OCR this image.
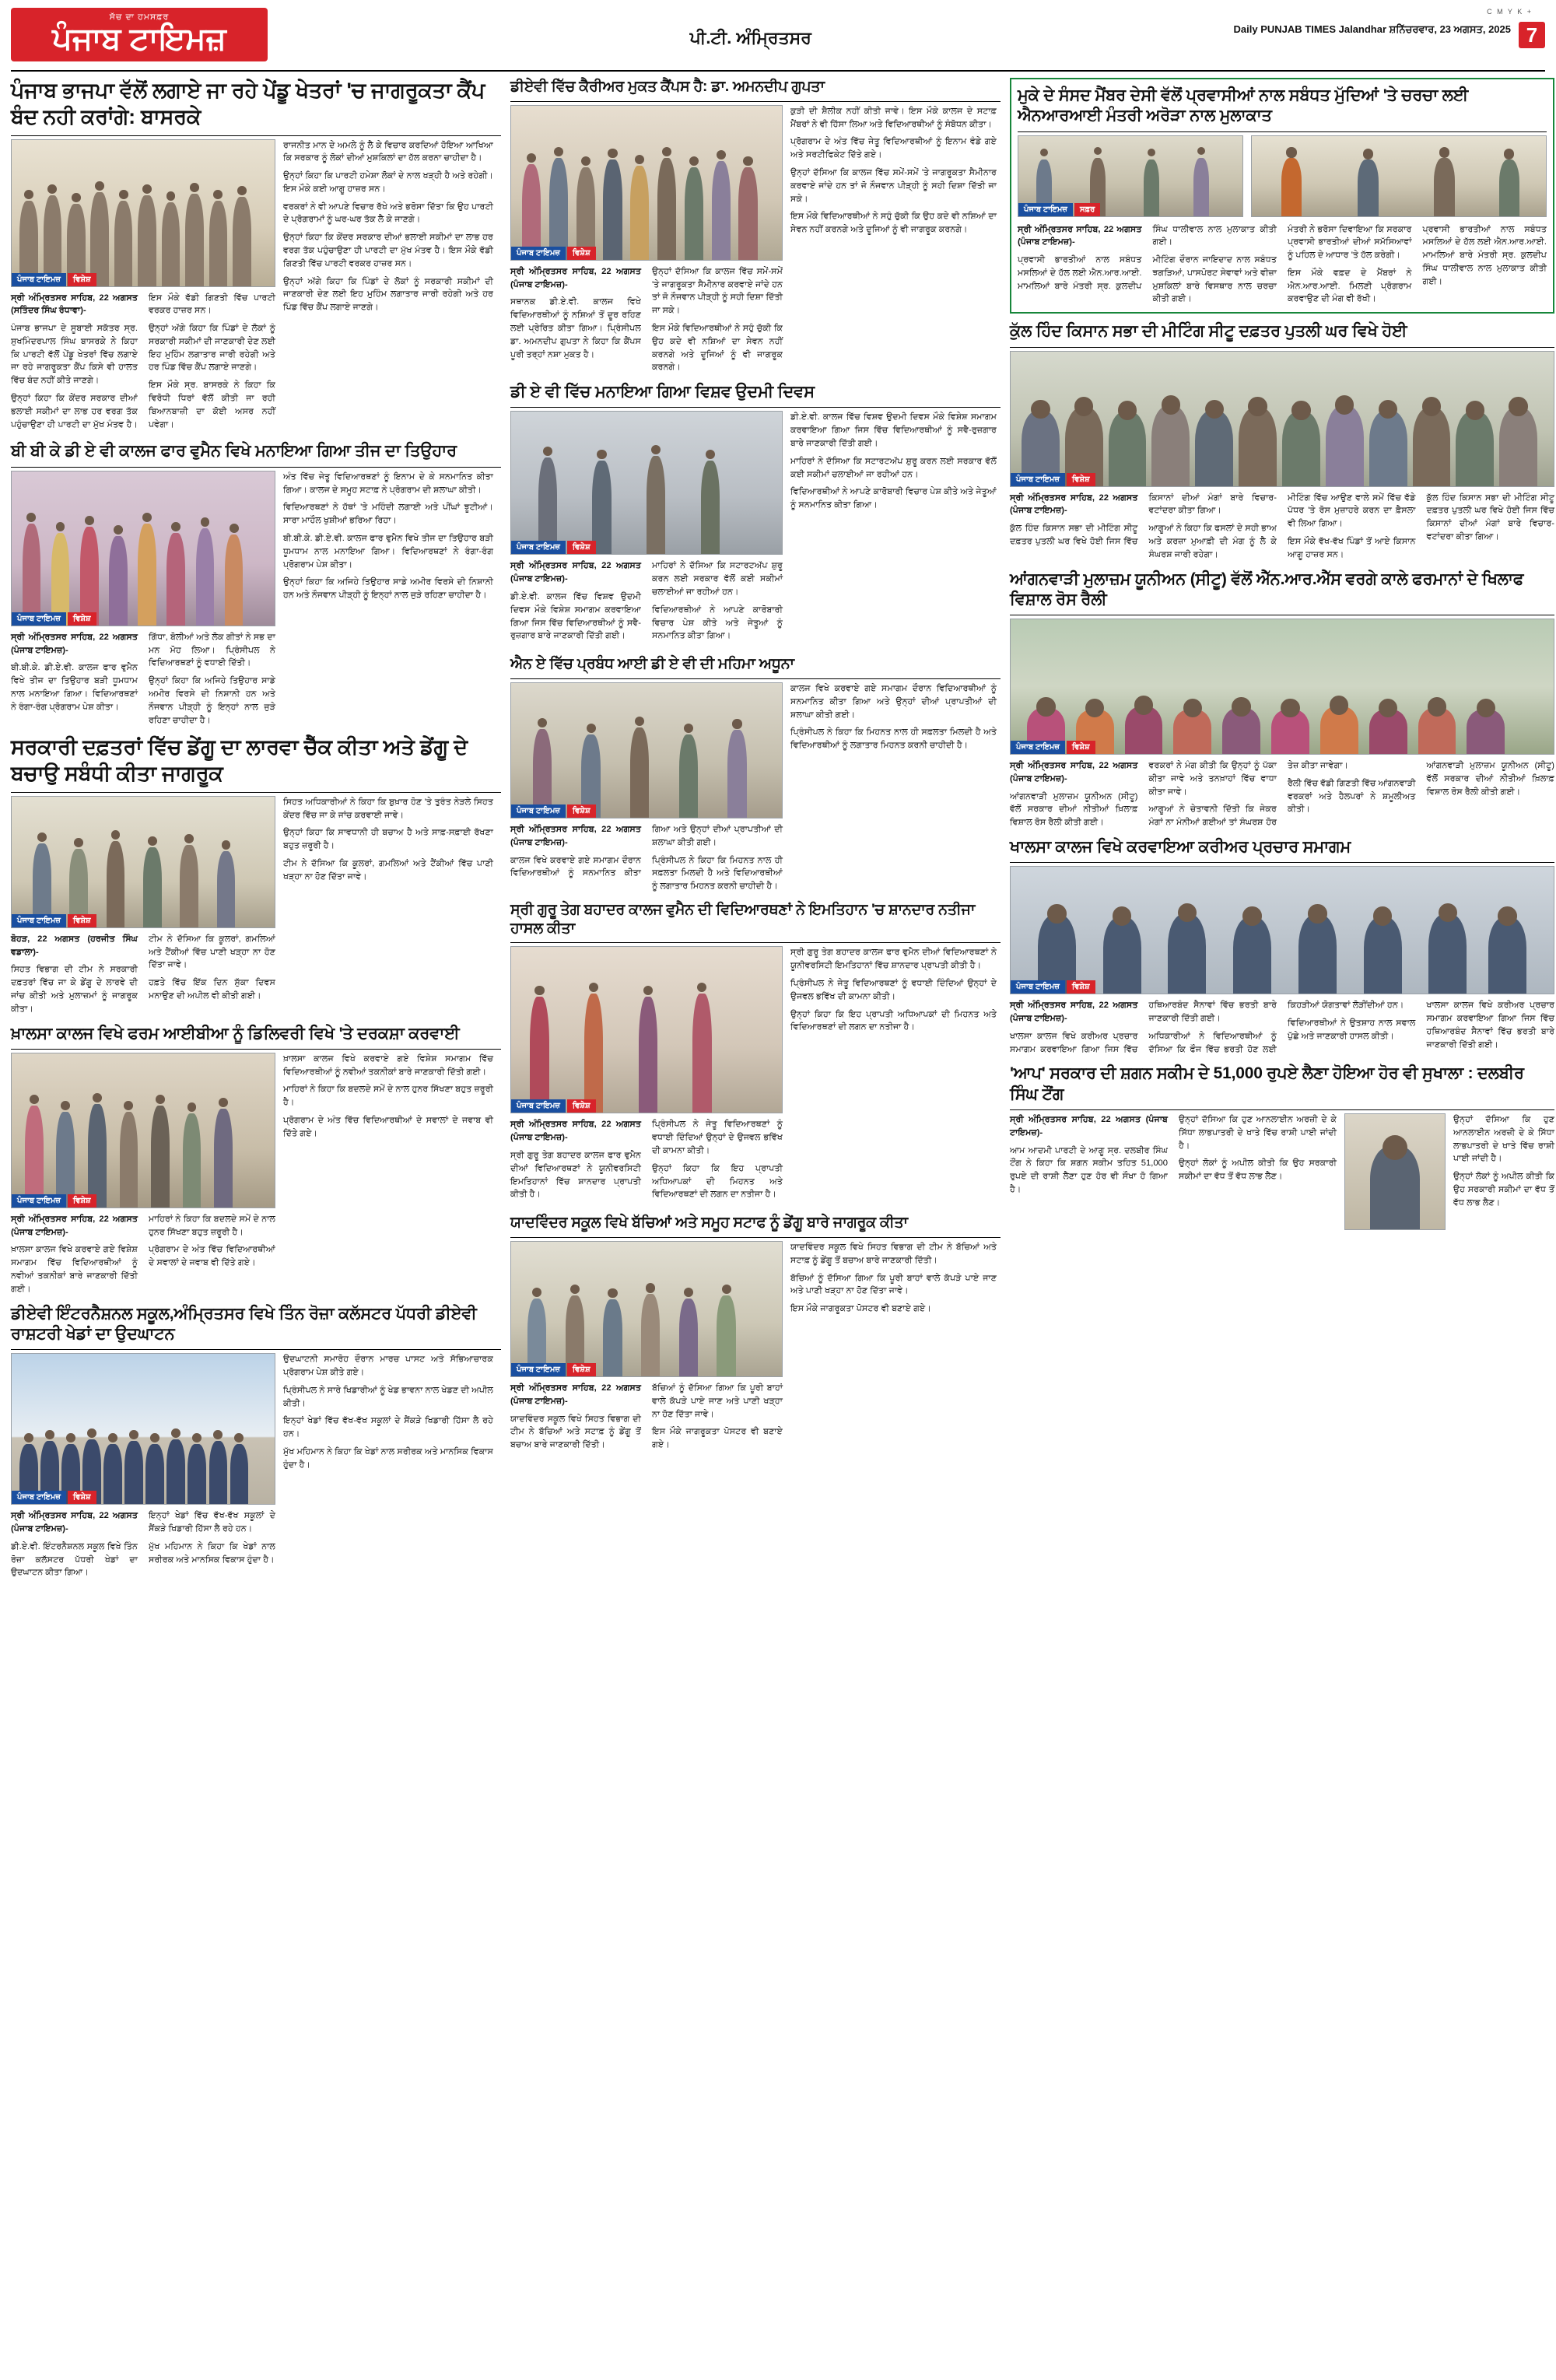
C M Y K +
ਸੱਚ ਦਾ ਹਮਸਫ਼ਰ
ਪੰਜਾਬ ਟਾਇਮਜ਼	ਪੀ.ਟੀ. ਅੰਮ੍ਰਿਤਸਰ	Daily PUNJAB TIMES Jalandhar ਸ਼ਨਿੱਚਰਵਾਰ, 23 ਅਗਸਤ, 2025 7
ਪੰਜਾਬ ਭਾਜਪਾ ਵੱਲੋਂ ਲਗਾਏ ਜਾ ਰਹੇ ਪੇਂਡੂ ਖੇਤਰਾਂ 'ਚ ਜਾਗਰੂਕਤਾ ਕੈਂਪ ਬੰਦ ਨਹੀ ਕਰਾਂਗੇ: ਬਾਸਰਕੇ
ਪੰਜਾਬ ਟਾਇਮਜ਼	ਵਿਸ਼ੇਸ਼

ਸ੍ਰੀ ਅੰਮ੍ਰਿਤਸਰ ਸਾਹਿਬ, 22 ਅਗਸਤ (ਸਤਿੰਦਰ ਸਿੰਘ ਰੰਧਾਵਾ)-

ਪੰਜਾਬ ਭਾਜਪਾ ਦੇ ਸੂਬਾਈ ਸਕੱਤਰ ਸ੍ਰ. ਸੁਖਮਿੰਦਰਪਾਲ ਸਿੰਘ ਬਾਸਰਕੇ ਨੇ ਕਿਹਾ ਕਿ ਪਾਰਟੀ ਵੱਲੋਂ ਪੇਂਡੂ ਖੇਤਰਾਂ ਵਿੱਚ ਲਗਾਏ ਜਾ ਰਹੇ ਜਾਗਰੂਕਤਾ ਕੈਂਪ ਕਿਸੇ ਵੀ ਹਾਲਤ ਵਿੱਚ ਬੰਦ ਨਹੀਂ ਕੀਤੇ ਜਾਣਗੇ।

ਉਨ੍ਹਾਂ ਕਿਹਾ ਕਿ ਕੇਂਦਰ ਸਰਕਾਰ ਦੀਆਂ ਭਲਾਈ ਸਕੀਮਾਂ ਦਾ ਲਾਭ ਹਰ ਵਰਗ ਤੱਕ ਪਹੁੰਚਾਉਣਾ ਹੀ ਪਾਰਟੀ ਦਾ ਮੁੱਖ ਮੰਤਵ ਹੈ। ਇਸ ਮੌਕੇ ਵੱਡੀ ਗਿਣਤੀ ਵਿੱਚ ਪਾਰਟੀ ਵਰਕਰ ਹਾਜ਼ਰ ਸਨ।

ਉਨ੍ਹਾਂ ਅੱਗੇ ਕਿਹਾ ਕਿ ਪਿੰਡਾਂ ਦੇ ਲੋਕਾਂ ਨੂੰ ਸਰਕਾਰੀ ਸਕੀਮਾਂ ਦੀ ਜਾਣਕਾਰੀ ਦੇਣ ਲਈ ਇਹ ਮੁਹਿੰਮ ਲਗਾਤਾਰ ਜਾਰੀ ਰਹੇਗੀ ਅਤੇ ਹਰ ਪਿੰਡ ਵਿੱਚ ਕੈਂਪ ਲਗਾਏ ਜਾਣਗੇ।

ਇਸ ਮੌਕੇ ਸ੍ਰ. ਬਾਸਰਕੇ ਨੇ ਕਿਹਾ ਕਿ ਵਿਰੋਧੀ ਧਿਰਾਂ ਵੱਲੋਂ ਕੀਤੀ ਜਾ ਰਹੀ ਬਿਆਨਬਾਜ਼ੀ ਦਾ ਕੋਈ ਅਸਰ ਨਹੀਂ ਪਵੇਗਾ।

ਰਾਜਨੀਤ ਮਾਨ ਦੇ ਅਮਲੇ ਨੂੰ ਲੈ ਕੇ ਵਿਚਾਰ ਕਰਦਿਆਂ ਹੋਇਆ ਆਖਿਆ ਕਿ ਸਰਕਾਰ ਨੂੰ ਲੋਕਾਂ ਦੀਆਂ ਮੁਸ਼ਕਿਲਾਂ ਦਾ ਹੱਲ ਕਰਨਾ ਚਾਹੀਦਾ ਹੈ।

ਉਨ੍ਹਾਂ ਕਿਹਾ ਕਿ ਪਾਰਟੀ ਹਮੇਸ਼ਾ ਲੋਕਾਂ ਦੇ ਨਾਲ ਖੜ੍ਹੀ ਹੈ ਅਤੇ ਰਹੇਗੀ। ਇਸ ਮੌਕੇ ਕਈ ਆਗੂ ਹਾਜ਼ਰ ਸਨ।

ਵਰਕਰਾਂ ਨੇ ਵੀ ਆਪਣੇ ਵਿਚਾਰ ਰੱਖੇ ਅਤੇ ਭਰੋਸਾ ਦਿੱਤਾ ਕਿ ਉਹ ਪਾਰਟੀ ਦੇ ਪ੍ਰੋਗਰਾਮਾਂ ਨੂੰ ਘਰ-ਘਰ ਤੱਕ ਲੈ ਕੇ ਜਾਣਗੇ।

ਉਨ੍ਹਾਂ ਕਿਹਾ ਕਿ ਕੇਂਦਰ ਸਰਕਾਰ ਦੀਆਂ ਭਲਾਈ ਸਕੀਮਾਂ ਦਾ ਲਾਭ ਹਰ ਵਰਗ ਤੱਕ ਪਹੁੰਚਾਉਣਾ ਹੀ ਪਾਰਟੀ ਦਾ ਮੁੱਖ ਮੰਤਵ ਹੈ। ਇਸ ਮੌਕੇ ਵੱਡੀ ਗਿਣਤੀ ਵਿੱਚ ਪਾਰਟੀ ਵਰਕਰ ਹਾਜ਼ਰ ਸਨ।

ਉਨ੍ਹਾਂ ਅੱਗੇ ਕਿਹਾ ਕਿ ਪਿੰਡਾਂ ਦੇ ਲੋਕਾਂ ਨੂੰ ਸਰਕਾਰੀ ਸਕੀਮਾਂ ਦੀ ਜਾਣਕਾਰੀ ਦੇਣ ਲਈ ਇਹ ਮੁਹਿੰਮ ਲਗਾਤਾਰ ਜਾਰੀ ਰਹੇਗੀ ਅਤੇ ਹਰ ਪਿੰਡ ਵਿੱਚ ਕੈਂਪ ਲਗਾਏ ਜਾਣਗੇ।

ਬੀ ਬੀ ਕੇ ਡੀ ਏ ਵੀ ਕਾਲਜ ਫਾਰ ਵੁਮੈਨ ਵਿਖੇ ਮਨਾਇਆ ਗਿਆ ਤੀਜ ਦਾ ਤਿਉਹਾਰ
ਪੰਜਾਬ ਟਾਇਮਜ਼	ਵਿਸ਼ੇਸ਼

ਸ੍ਰੀ ਅੰਮ੍ਰਿਤਸਰ ਸਾਹਿਬ, 22 ਅਗਸਤ (ਪੰਜਾਬ ਟਾਇਮਜ਼)-

ਬੀ.ਬੀ.ਕੇ. ਡੀ.ਏ.ਵੀ. ਕਾਲਜ ਫਾਰ ਵੁਮੈਨ ਵਿਖੇ ਤੀਜ ਦਾ ਤਿਉਹਾਰ ਬੜੀ ਧੂਮਧਾਮ ਨਾਲ ਮਨਾਇਆ ਗਿਆ। ਵਿਦਿਆਰਥਣਾਂ ਨੇ ਰੰਗਾ-ਰੰਗ ਪ੍ਰੋਗਰਾਮ ਪੇਸ਼ ਕੀਤਾ।

ਗਿੱਧਾ, ਬੋਲੀਆਂ ਅਤੇ ਲੋਕ ਗੀਤਾਂ ਨੇ ਸਭ ਦਾ ਮਨ ਮੋਹ ਲਿਆ। ਪ੍ਰਿੰਸੀਪਲ ਨੇ ਵਿਦਿਆਰਥਣਾਂ ਨੂੰ ਵਧਾਈ ਦਿੱਤੀ।

ਉਨ੍ਹਾਂ ਕਿਹਾ ਕਿ ਅਜਿਹੇ ਤਿਉਹਾਰ ਸਾਡੇ ਅਮੀਰ ਵਿਰਸੇ ਦੀ ਨਿਸ਼ਾਨੀ ਹਨ ਅਤੇ ਨੌਜਵਾਨ ਪੀੜ੍ਹੀ ਨੂੰ ਇਨ੍ਹਾਂ ਨਾਲ ਜੁੜੇ ਰਹਿਣਾ ਚਾਹੀਦਾ ਹੈ।

ਅੰਤ ਵਿੱਚ ਜੇਤੂ ਵਿਦਿਆਰਥਣਾਂ ਨੂੰ ਇਨਾਮ ਦੇ ਕੇ ਸਨਮਾਨਿਤ ਕੀਤਾ ਗਿਆ। ਕਾਲਜ ਦੇ ਸਮੂਹ ਸਟਾਫ਼ ਨੇ ਪ੍ਰੋਗਰਾਮ ਦੀ ਸ਼ਲਾਘਾ ਕੀਤੀ।

ਵਿਦਿਆਰਥਣਾਂ ਨੇ ਹੱਥਾਂ 'ਤੇ ਮਹਿੰਦੀ ਲਗਾਈ ਅਤੇ ਪੀਂਘਾਂ ਝੂਟੀਆਂ। ਸਾਰਾ ਮਾਹੌਲ ਖੁਸ਼ੀਆਂ ਭਰਿਆ ਰਿਹਾ।

ਬੀ.ਬੀ.ਕੇ. ਡੀ.ਏ.ਵੀ. ਕਾਲਜ ਫਾਰ ਵੁਮੈਨ ਵਿਖੇ ਤੀਜ ਦਾ ਤਿਉਹਾਰ ਬੜੀ ਧੂਮਧਾਮ ਨਾਲ ਮਨਾਇਆ ਗਿਆ। ਵਿਦਿਆਰਥਣਾਂ ਨੇ ਰੰਗਾ-ਰੰਗ ਪ੍ਰੋਗਰਾਮ ਪੇਸ਼ ਕੀਤਾ।

ਉਨ੍ਹਾਂ ਕਿਹਾ ਕਿ ਅਜਿਹੇ ਤਿਉਹਾਰ ਸਾਡੇ ਅਮੀਰ ਵਿਰਸੇ ਦੀ ਨਿਸ਼ਾਨੀ ਹਨ ਅਤੇ ਨੌਜਵਾਨ ਪੀੜ੍ਹੀ ਨੂੰ ਇਨ੍ਹਾਂ ਨਾਲ ਜੁੜੇ ਰਹਿਣਾ ਚਾਹੀਦਾ ਹੈ।

ਸਰਕਾਰੀ ਦਫ਼ਤਰਾਂ ਵਿੱਚ ਡੇਂਗੂ ਦਾ ਲਾਰਵਾ ਚੈੱਕ ਕੀਤਾ ਅਤੇ ਡੇਂਗੂ ਦੇ ਬਚਾਉ ਸਬੰਧੀ ਕੀਤਾ ਜਾਗਰੂਕ
ਪੰਜਾਬ ਟਾਇਮਜ਼	ਵਿਸ਼ੇਸ਼

ਬੋਹੜ, 22 ਅਗਸਤ (ਹਰਜੀਤ ਸਿੰਘ ਵਡਾਲਾ)-

ਸਿਹਤ ਵਿਭਾਗ ਦੀ ਟੀਮ ਨੇ ਸਰਕਾਰੀ ਦਫ਼ਤਰਾਂ ਵਿੱਚ ਜਾ ਕੇ ਡੇਂਗੂ ਦੇ ਲਾਰਵੇ ਦੀ ਜਾਂਚ ਕੀਤੀ ਅਤੇ ਮੁਲਾਜ਼ਮਾਂ ਨੂੰ ਜਾਗਰੂਕ ਕੀਤਾ।

ਟੀਮ ਨੇ ਦੱਸਿਆ ਕਿ ਕੂਲਰਾਂ, ਗਮਲਿਆਂ ਅਤੇ ਟੈਂਕੀਆਂ ਵਿੱਚ ਪਾਣੀ ਖੜ੍ਹਾ ਨਾ ਹੋਣ ਦਿੱਤਾ ਜਾਵੇ।

ਹਫ਼ਤੇ ਵਿੱਚ ਇੱਕ ਦਿਨ ਸੁੱਕਾ ਦਿਵਸ ਮਨਾਉਣ ਦੀ ਅਪੀਲ ਵੀ ਕੀਤੀ ਗਈ।

ਸਿਹਤ ਅਧਿਕਾਰੀਆਂ ਨੇ ਕਿਹਾ ਕਿ ਬੁਖ਼ਾਰ ਹੋਣ 'ਤੇ ਤੁਰੰਤ ਨੇੜਲੇ ਸਿਹਤ ਕੇਂਦਰ ਵਿੱਚ ਜਾ ਕੇ ਜਾਂਚ ਕਰਵਾਈ ਜਾਵੇ।

ਉਨ੍ਹਾਂ ਕਿਹਾ ਕਿ ਸਾਵਧਾਨੀ ਹੀ ਬਚਾਅ ਹੈ ਅਤੇ ਸਾਫ਼-ਸਫ਼ਾਈ ਰੱਖਣਾ ਬਹੁਤ ਜ਼ਰੂਰੀ ਹੈ।

ਟੀਮ ਨੇ ਦੱਸਿਆ ਕਿ ਕੂਲਰਾਂ, ਗਮਲਿਆਂ ਅਤੇ ਟੈਂਕੀਆਂ ਵਿੱਚ ਪਾਣੀ ਖੜ੍ਹਾ ਨਾ ਹੋਣ ਦਿੱਤਾ ਜਾਵੇ।

ਖ਼ਾਲਸਾ ਕਾਲਜ ਵਿਖੇ ਫਰਮ ਆਈਬੀਆ ਨੂੰ ਡਿਲਿਵਰੀ ਵਿਖੇ 'ਤੇ ਦਰਕਸ਼ਾ ਕਰਵਾਈ
ਪੰਜਾਬ ਟਾਇਮਜ਼	ਵਿਸ਼ੇਸ਼

ਸ੍ਰੀ ਅੰਮ੍ਰਿਤਸਰ ਸਾਹਿਬ, 22 ਅਗਸਤ (ਪੰਜਾਬ ਟਾਇਮਜ਼)-

ਖ਼ਾਲਸਾ ਕਾਲਜ ਵਿਖੇ ਕਰਵਾਏ ਗਏ ਵਿਸ਼ੇਸ਼ ਸਮਾਗਮ ਵਿੱਚ ਵਿਦਿਆਰਥੀਆਂ ਨੂੰ ਨਵੀਆਂ ਤਕਨੀਕਾਂ ਬਾਰੇ ਜਾਣਕਾਰੀ ਦਿੱਤੀ ਗਈ।

ਮਾਹਿਰਾਂ ਨੇ ਕਿਹਾ ਕਿ ਬਦਲਦੇ ਸਮੇਂ ਦੇ ਨਾਲ ਹੁਨਰ ਸਿੱਖਣਾ ਬਹੁਤ ਜ਼ਰੂਰੀ ਹੈ।

ਪ੍ਰੋਗਰਾਮ ਦੇ ਅੰਤ ਵਿੱਚ ਵਿਦਿਆਰਥੀਆਂ ਦੇ ਸਵਾਲਾਂ ਦੇ ਜਵਾਬ ਵੀ ਦਿੱਤੇ ਗਏ।

ਖ਼ਾਲਸਾ ਕਾਲਜ ਵਿਖੇ ਕਰਵਾਏ ਗਏ ਵਿਸ਼ੇਸ਼ ਸਮਾਗਮ ਵਿੱਚ ਵਿਦਿਆਰਥੀਆਂ ਨੂੰ ਨਵੀਆਂ ਤਕਨੀਕਾਂ ਬਾਰੇ ਜਾਣਕਾਰੀ ਦਿੱਤੀ ਗਈ।

ਮਾਹਿਰਾਂ ਨੇ ਕਿਹਾ ਕਿ ਬਦਲਦੇ ਸਮੇਂ ਦੇ ਨਾਲ ਹੁਨਰ ਸਿੱਖਣਾ ਬਹੁਤ ਜ਼ਰੂਰੀ ਹੈ।

ਪ੍ਰੋਗਰਾਮ ਦੇ ਅੰਤ ਵਿੱਚ ਵਿਦਿਆਰਥੀਆਂ ਦੇ ਸਵਾਲਾਂ ਦੇ ਜਵਾਬ ਵੀ ਦਿੱਤੇ ਗਏ।

ਡੀਏਵੀ ਇੰਟਰਨੈਸ਼ਨਲ ਸਕੂਲ,ਅੰਮ੍ਰਿਤਸਰ ਵਿਖੇ ਤਿੰਨ ਰੋਜ਼ਾ ਕਲੱਸਟਰ ਪੱਧਰੀ ਡੀਏਵੀ ਰਾਸ਼ਟਰੀ ਖੇਡਾਂ ਦਾ ਉਦਘਾਟਨ
ਪੰਜਾਬ ਟਾਇਮਜ਼	ਵਿਸ਼ੇਸ਼

ਸ੍ਰੀ ਅੰਮ੍ਰਿਤਸਰ ਸਾਹਿਬ, 22 ਅਗਸਤ (ਪੰਜਾਬ ਟਾਇਮਜ਼)-

ਡੀ.ਏ.ਵੀ. ਇੰਟਰਨੈਸ਼ਨਲ ਸਕੂਲ ਵਿਖੇ ਤਿੰਨ ਰੋਜ਼ਾ ਕਲੱਸਟਰ ਪੱਧਰੀ ਖੇਡਾਂ ਦਾ ਉਦਘਾਟਨ ਕੀਤਾ ਗਿਆ।

ਇਨ੍ਹਾਂ ਖੇਡਾਂ ਵਿੱਚ ਵੱਖ-ਵੱਖ ਸਕੂਲਾਂ ਦੇ ਸੈਂਕੜੇ ਖਿਡਾਰੀ ਹਿੱਸਾ ਲੈ ਰਹੇ ਹਨ।

ਮੁੱਖ ਮਹਿਮਾਨ ਨੇ ਕਿਹਾ ਕਿ ਖੇਡਾਂ ਨਾਲ ਸਰੀਰਕ ਅਤੇ ਮਾਨਸਿਕ ਵਿਕਾਸ ਹੁੰਦਾ ਹੈ।

ਉਦਘਾਟਨੀ ਸਮਾਰੋਹ ਦੌਰਾਨ ਮਾਰਚ ਪਾਸਟ ਅਤੇ ਸੱਭਿਆਚਾਰਕ ਪ੍ਰੋਗਰਾਮ ਪੇਸ਼ ਕੀਤੇ ਗਏ।

ਪ੍ਰਿੰਸੀਪਲ ਨੇ ਸਾਰੇ ਖਿਡਾਰੀਆਂ ਨੂੰ ਖੇਡ ਭਾਵਨਾ ਨਾਲ ਖੇਡਣ ਦੀ ਅਪੀਲ ਕੀਤੀ।

ਇਨ੍ਹਾਂ ਖੇਡਾਂ ਵਿੱਚ ਵੱਖ-ਵੱਖ ਸਕੂਲਾਂ ਦੇ ਸੈਂਕੜੇ ਖਿਡਾਰੀ ਹਿੱਸਾ ਲੈ ਰਹੇ ਹਨ।

ਮੁੱਖ ਮਹਿਮਾਨ ਨੇ ਕਿਹਾ ਕਿ ਖੇਡਾਂ ਨਾਲ ਸਰੀਰਕ ਅਤੇ ਮਾਨਸਿਕ ਵਿਕਾਸ ਹੁੰਦਾ ਹੈ।

ਡੀਏਵੀ ਵਿੱਚ ਕੈਰੀਅਰ ਮੁਕਤ ਕੈਂਪਸ ਹੈ: ਡਾ. ਅਮਨਦੀਪ ਗੁਪਤਾ
ਪੰਜਾਬ ਟਾਇਮਜ਼	ਵਿਸ਼ੇਸ਼

ਸ੍ਰੀ ਅੰਮ੍ਰਿਤਸਰ ਸਾਹਿਬ, 22 ਅਗਸਤ (ਪੰਜਾਬ ਟਾਇਮਜ਼)-

ਸਥਾਨਕ ਡੀ.ਏ.ਵੀ. ਕਾਲਜ ਵਿਖੇ ਵਿਦਿਆਰਥੀਆਂ ਨੂੰ ਨਸ਼ਿਆਂ ਤੋਂ ਦੂਰ ਰਹਿਣ ਲਈ ਪ੍ਰੇਰਿਤ ਕੀਤਾ ਗਿਆ। ਪ੍ਰਿੰਸੀਪਲ ਡਾ. ਅਮਨਦੀਪ ਗੁਪਤਾ ਨੇ ਕਿਹਾ ਕਿ ਕੈਂਪਸ ਪੂਰੀ ਤਰ੍ਹਾਂ ਨਸ਼ਾ ਮੁਕਤ ਹੈ।

ਉਨ੍ਹਾਂ ਦੱਸਿਆ ਕਿ ਕਾਲਜ ਵਿੱਚ ਸਮੇਂ-ਸਮੇਂ 'ਤੇ ਜਾਗਰੂਕਤਾ ਸੈਮੀਨਾਰ ਕਰਵਾਏ ਜਾਂਦੇ ਹਨ ਤਾਂ ਜੋ ਨੌਜਵਾਨ ਪੀੜ੍ਹੀ ਨੂੰ ਸਹੀ ਦਿਸ਼ਾ ਦਿੱਤੀ ਜਾ ਸਕੇ।

ਇਸ ਮੌਕੇ ਵਿਦਿਆਰਥੀਆਂ ਨੇ ਸਹੁੰ ਚੁੱਕੀ ਕਿ ਉਹ ਕਦੇ ਵੀ ਨਸ਼ਿਆਂ ਦਾ ਸੇਵਨ ਨਹੀਂ ਕਰਨਗੇ ਅਤੇ ਦੂਜਿਆਂ ਨੂੰ ਵੀ ਜਾਗਰੂਕ ਕਰਨਗੇ।

ਕੁੜੀ ਦੀ ਸ਼ੈਲੀਕ ਨਹੀਂ ਕੀਤੀ ਜਾਵੇ। ਇਸ ਮੌਕੇ ਕਾਲਜ ਦੇ ਸਟਾਫ਼ ਮੈਂਬਰਾਂ ਨੇ ਵੀ ਹਿੱਸਾ ਲਿਆ ਅਤੇ ਵਿਦਿਆਰਥੀਆਂ ਨੂੰ ਸੰਬੋਧਨ ਕੀਤਾ।

ਪ੍ਰੋਗਰਾਮ ਦੇ ਅੰਤ ਵਿੱਚ ਜੇਤੂ ਵਿਦਿਆਰਥੀਆਂ ਨੂੰ ਇਨਾਮ ਵੰਡੇ ਗਏ ਅਤੇ ਸਰਟੀਫਿਕੇਟ ਦਿੱਤੇ ਗਏ।

ਉਨ੍ਹਾਂ ਦੱਸਿਆ ਕਿ ਕਾਲਜ ਵਿੱਚ ਸਮੇਂ-ਸਮੇਂ 'ਤੇ ਜਾਗਰੂਕਤਾ ਸੈਮੀਨਾਰ ਕਰਵਾਏ ਜਾਂਦੇ ਹਨ ਤਾਂ ਜੋ ਨੌਜਵਾਨ ਪੀੜ੍ਹੀ ਨੂੰ ਸਹੀ ਦਿਸ਼ਾ ਦਿੱਤੀ ਜਾ ਸਕੇ।

ਇਸ ਮੌਕੇ ਵਿਦਿਆਰਥੀਆਂ ਨੇ ਸਹੁੰ ਚੁੱਕੀ ਕਿ ਉਹ ਕਦੇ ਵੀ ਨਸ਼ਿਆਂ ਦਾ ਸੇਵਨ ਨਹੀਂ ਕਰਨਗੇ ਅਤੇ ਦੂਜਿਆਂ ਨੂੰ ਵੀ ਜਾਗਰੂਕ ਕਰਨਗੇ।

ਡੀ ਏ ਵੀ ਵਿੱਚ ਮਨਾਇਆ ਗਿਆ ਵਿਸ਼ਵ ਉਦਮੀ ਦਿਵਸ
ਪੰਜਾਬ ਟਾਇਮਜ਼	ਵਿਸ਼ੇਸ਼

ਸ੍ਰੀ ਅੰਮ੍ਰਿਤਸਰ ਸਾਹਿਬ, 22 ਅਗਸਤ (ਪੰਜਾਬ ਟਾਇਮਜ਼)-

ਡੀ.ਏ.ਵੀ. ਕਾਲਜ ਵਿੱਚ ਵਿਸ਼ਵ ਉਦਮੀ ਦਿਵਸ ਮੌਕੇ ਵਿਸ਼ੇਸ਼ ਸਮਾਗਮ ਕਰਵਾਇਆ ਗਿਆ ਜਿਸ ਵਿੱਚ ਵਿਦਿਆਰਥੀਆਂ ਨੂੰ ਸਵੈ-ਰੁਜ਼ਗਾਰ ਬਾਰੇ ਜਾਣਕਾਰੀ ਦਿੱਤੀ ਗਈ।

ਮਾਹਿਰਾਂ ਨੇ ਦੱਸਿਆ ਕਿ ਸਟਾਰਟਅੱਪ ਸ਼ੁਰੂ ਕਰਨ ਲਈ ਸਰਕਾਰ ਵੱਲੋਂ ਕਈ ਸਕੀਮਾਂ ਚਲਾਈਆਂ ਜਾ ਰਹੀਆਂ ਹਨ।

ਵਿਦਿਆਰਥੀਆਂ ਨੇ ਆਪਣੇ ਕਾਰੋਬਾਰੀ ਵਿਚਾਰ ਪੇਸ਼ ਕੀਤੇ ਅਤੇ ਜੇਤੂਆਂ ਨੂੰ ਸਨਮਾਨਿਤ ਕੀਤਾ ਗਿਆ।

ਡੀ.ਏ.ਵੀ. ਕਾਲਜ ਵਿੱਚ ਵਿਸ਼ਵ ਉਦਮੀ ਦਿਵਸ ਮੌਕੇ ਵਿਸ਼ੇਸ਼ ਸਮਾਗਮ ਕਰਵਾਇਆ ਗਿਆ ਜਿਸ ਵਿੱਚ ਵਿਦਿਆਰਥੀਆਂ ਨੂੰ ਸਵੈ-ਰੁਜ਼ਗਾਰ ਬਾਰੇ ਜਾਣਕਾਰੀ ਦਿੱਤੀ ਗਈ।

ਮਾਹਿਰਾਂ ਨੇ ਦੱਸਿਆ ਕਿ ਸਟਾਰਟਅੱਪ ਸ਼ੁਰੂ ਕਰਨ ਲਈ ਸਰਕਾਰ ਵੱਲੋਂ ਕਈ ਸਕੀਮਾਂ ਚਲਾਈਆਂ ਜਾ ਰਹੀਆਂ ਹਨ।

ਵਿਦਿਆਰਥੀਆਂ ਨੇ ਆਪਣੇ ਕਾਰੋਬਾਰੀ ਵਿਚਾਰ ਪੇਸ਼ ਕੀਤੇ ਅਤੇ ਜੇਤੂਆਂ ਨੂੰ ਸਨਮਾਨਿਤ ਕੀਤਾ ਗਿਆ।

ਐਨ ਏ ਵਿੱਚ ਪ੍ਰਬੰਧ ਆਈ ਡੀ ਏ ਵੀ ਦੀ ਮਹਿਮਾ ਅਧੂਨਾ
ਪੰਜਾਬ ਟਾਇਮਜ਼	ਵਿਸ਼ੇਸ਼

ਸ੍ਰੀ ਅੰਮ੍ਰਿਤਸਰ ਸਾਹਿਬ, 22 ਅਗਸਤ (ਪੰਜਾਬ ਟਾਇਮਜ਼)-

ਕਾਲਜ ਵਿਖੇ ਕਰਵਾਏ ਗਏ ਸਮਾਗਮ ਦੌਰਾਨ ਵਿਦਿਆਰਥੀਆਂ ਨੂੰ ਸਨਮਾਨਿਤ ਕੀਤਾ ਗਿਆ ਅਤੇ ਉਨ੍ਹਾਂ ਦੀਆਂ ਪ੍ਰਾਪਤੀਆਂ ਦੀ ਸ਼ਲਾਘਾ ਕੀਤੀ ਗਈ।

ਪ੍ਰਿੰਸੀਪਲ ਨੇ ਕਿਹਾ ਕਿ ਮਿਹਨਤ ਨਾਲ ਹੀ ਸਫ਼ਲਤਾ ਮਿਲਦੀ ਹੈ ਅਤੇ ਵਿਦਿਆਰਥੀਆਂ ਨੂੰ ਲਗਾਤਾਰ ਮਿਹਨਤ ਕਰਨੀ ਚਾਹੀਦੀ ਹੈ।

ਕਾਲਜ ਵਿਖੇ ਕਰਵਾਏ ਗਏ ਸਮਾਗਮ ਦੌਰਾਨ ਵਿਦਿਆਰਥੀਆਂ ਨੂੰ ਸਨਮਾਨਿਤ ਕੀਤਾ ਗਿਆ ਅਤੇ ਉਨ੍ਹਾਂ ਦੀਆਂ ਪ੍ਰਾਪਤੀਆਂ ਦੀ ਸ਼ਲਾਘਾ ਕੀਤੀ ਗਈ।

ਪ੍ਰਿੰਸੀਪਲ ਨੇ ਕਿਹਾ ਕਿ ਮਿਹਨਤ ਨਾਲ ਹੀ ਸਫ਼ਲਤਾ ਮਿਲਦੀ ਹੈ ਅਤੇ ਵਿਦਿਆਰਥੀਆਂ ਨੂੰ ਲਗਾਤਾਰ ਮਿਹਨਤ ਕਰਨੀ ਚਾਹੀਦੀ ਹੈ।

ਸ੍ਰੀ ਗੁਰੂ ਤੇਗ ਬਹਾਦਰ ਕਾਲਜ ਵੁਮੈਨ ਦੀ ਵਿਦਿਆਰਥਣਾਂ ਨੇ ਇਮਤਿਹਾਨ 'ਚ ਸ਼ਾਨਦਾਰ ਨਤੀਜਾ ਹਾਸਲ ਕੀਤਾ
ਪੰਜਾਬ ਟਾਇਮਜ਼	ਵਿਸ਼ੇਸ਼

ਸ੍ਰੀ ਅੰਮ੍ਰਿਤਸਰ ਸਾਹਿਬ, 22 ਅਗਸਤ (ਪੰਜਾਬ ਟਾਇਮਜ਼)-

ਸ੍ਰੀ ਗੁਰੂ ਤੇਗ ਬਹਾਦਰ ਕਾਲਜ ਫਾਰ ਵੁਮੈਨ ਦੀਆਂ ਵਿਦਿਆਰਥਣਾਂ ਨੇ ਯੂਨੀਵਰਸਿਟੀ ਇਮਤਿਹਾਨਾਂ ਵਿੱਚ ਸ਼ਾਨਦਾਰ ਪ੍ਰਾਪਤੀ ਕੀਤੀ ਹੈ।

ਪ੍ਰਿੰਸੀਪਲ ਨੇ ਜੇਤੂ ਵਿਦਿਆਰਥਣਾਂ ਨੂੰ ਵਧਾਈ ਦਿੰਦਿਆਂ ਉਨ੍ਹਾਂ ਦੇ ਉਜਵਲ ਭਵਿੱਖ ਦੀ ਕਾਮਨਾ ਕੀਤੀ।

ਉਨ੍ਹਾਂ ਕਿਹਾ ਕਿ ਇਹ ਪ੍ਰਾਪਤੀ ਅਧਿਆਪਕਾਂ ਦੀ ਮਿਹਨਤ ਅਤੇ ਵਿਦਿਆਰਥਣਾਂ ਦੀ ਲਗਨ ਦਾ ਨਤੀਜਾ ਹੈ।

ਸ੍ਰੀ ਗੁਰੂ ਤੇਗ ਬਹਾਦਰ ਕਾਲਜ ਫਾਰ ਵੁਮੈਨ ਦੀਆਂ ਵਿਦਿਆਰਥਣਾਂ ਨੇ ਯੂਨੀਵਰਸਿਟੀ ਇਮਤਿਹਾਨਾਂ ਵਿੱਚ ਸ਼ਾਨਦਾਰ ਪ੍ਰਾਪਤੀ ਕੀਤੀ ਹੈ।

ਪ੍ਰਿੰਸੀਪਲ ਨੇ ਜੇਤੂ ਵਿਦਿਆਰਥਣਾਂ ਨੂੰ ਵਧਾਈ ਦਿੰਦਿਆਂ ਉਨ੍ਹਾਂ ਦੇ ਉਜਵਲ ਭਵਿੱਖ ਦੀ ਕਾਮਨਾ ਕੀਤੀ।

ਉਨ੍ਹਾਂ ਕਿਹਾ ਕਿ ਇਹ ਪ੍ਰਾਪਤੀ ਅਧਿਆਪਕਾਂ ਦੀ ਮਿਹਨਤ ਅਤੇ ਵਿਦਿਆਰਥਣਾਂ ਦੀ ਲਗਨ ਦਾ ਨਤੀਜਾ ਹੈ।

ਯਾਦਵਿੰਦਰ ਸਕੂਲ ਵਿਖੇ ਬੱਚਿਆਂ ਅਤੇ ਸਮੂਹ ਸਟਾਫ ਨੂੰ ਡੇਂਗੂ ਬਾਰੇ ਜਾਗਰੂਕ ਕੀਤਾ
ਪੰਜਾਬ ਟਾਇਮਜ਼	ਵਿਸ਼ੇਸ਼

ਸ੍ਰੀ ਅੰਮ੍ਰਿਤਸਰ ਸਾਹਿਬ, 22 ਅਗਸਤ (ਪੰਜਾਬ ਟਾਇਮਜ਼)-

ਯਾਦਵਿੰਦਰ ਸਕੂਲ ਵਿਖੇ ਸਿਹਤ ਵਿਭਾਗ ਦੀ ਟੀਮ ਨੇ ਬੱਚਿਆਂ ਅਤੇ ਸਟਾਫ਼ ਨੂੰ ਡੇਂਗੂ ਤੋਂ ਬਚਾਅ ਬਾਰੇ ਜਾਣਕਾਰੀ ਦਿੱਤੀ।

ਬੱਚਿਆਂ ਨੂੰ ਦੱਸਿਆ ਗਿਆ ਕਿ ਪੂਰੀ ਬਾਹਾਂ ਵਾਲੇ ਕੱਪੜੇ ਪਾਏ ਜਾਣ ਅਤੇ ਪਾਣੀ ਖੜ੍ਹਾ ਨਾ ਹੋਣ ਦਿੱਤਾ ਜਾਵੇ।

ਇਸ ਮੌਕੇ ਜਾਗਰੂਕਤਾ ਪੋਸਟਰ ਵੀ ਬਣਾਏ ਗਏ।

ਯਾਦਵਿੰਦਰ ਸਕੂਲ ਵਿਖੇ ਸਿਹਤ ਵਿਭਾਗ ਦੀ ਟੀਮ ਨੇ ਬੱਚਿਆਂ ਅਤੇ ਸਟਾਫ਼ ਨੂੰ ਡੇਂਗੂ ਤੋਂ ਬਚਾਅ ਬਾਰੇ ਜਾਣਕਾਰੀ ਦਿੱਤੀ।

ਬੱਚਿਆਂ ਨੂੰ ਦੱਸਿਆ ਗਿਆ ਕਿ ਪੂਰੀ ਬਾਹਾਂ ਵਾਲੇ ਕੱਪੜੇ ਪਾਏ ਜਾਣ ਅਤੇ ਪਾਣੀ ਖੜ੍ਹਾ ਨਾ ਹੋਣ ਦਿੱਤਾ ਜਾਵੇ।

ਇਸ ਮੌਕੇ ਜਾਗਰੂਕਤਾ ਪੋਸਟਰ ਵੀ ਬਣਾਏ ਗਏ।

ਮੁਕੇ ਦੇ ਸੰਸਦ ਮੈਂਬਰ ਦੇਸੀ ਵੱਲੋਂ ਪ੍ਰਵਾਸੀਆਂ ਨਾਲ ਸਬੰਧਤ ਮੁੱਦਿਆਂ 'ਤੇ ਚਰਚਾ ਲਈ ਐਨਆਰਆਈ ਮੰਤਰੀ ਅਰੋੜਾ ਨਾਲ ਮੁਲਾਕਾਤ
ਪੰਜਾਬ ਟਾਇਮਜ਼	ਸਫ਼ਰ

ਸ੍ਰੀ ਅੰਮ੍ਰਿਤਸਰ ਸਾਹਿਬ, 22 ਅਗਸਤ (ਪੰਜਾਬ ਟਾਇਮਜ਼)-

ਪ੍ਰਵਾਸੀ ਭਾਰਤੀਆਂ ਨਾਲ ਸਬੰਧਤ ਮਸਲਿਆਂ ਦੇ ਹੱਲ ਲਈ ਐਨ.ਆਰ.ਆਈ. ਮਾਮਲਿਆਂ ਬਾਰੇ ਮੰਤਰੀ ਸ੍ਰ. ਕੁਲਦੀਪ ਸਿੰਘ ਧਾਲੀਵਾਲ ਨਾਲ ਮੁਲਾਕਾਤ ਕੀਤੀ ਗਈ।

ਮੀਟਿੰਗ ਦੌਰਾਨ ਜਾਇਦਾਦ ਨਾਲ ਸਬੰਧਤ ਝਗੜਿਆਂ, ਪਾਸਪੋਰਟ ਸੇਵਾਵਾਂ ਅਤੇ ਵੀਜ਼ਾ ਮੁਸ਼ਕਿਲਾਂ ਬਾਰੇ ਵਿਸਥਾਰ ਨਾਲ ਚਰਚਾ ਕੀਤੀ ਗਈ।

ਮੰਤਰੀ ਨੇ ਭਰੋਸਾ ਦਿਵਾਇਆ ਕਿ ਸਰਕਾਰ ਪ੍ਰਵਾਸੀ ਭਾਰਤੀਆਂ ਦੀਆਂ ਸਮੱਸਿਆਵਾਂ ਨੂੰ ਪਹਿਲ ਦੇ ਆਧਾਰ 'ਤੇ ਹੱਲ ਕਰੇਗੀ।

ਇਸ ਮੌਕੇ ਵਫ਼ਦ ਦੇ ਮੈਂਬਰਾਂ ਨੇ ਐਨ.ਆਰ.ਆਈ. ਮਿਲਣੀ ਪ੍ਰੋਗਰਾਮ ਕਰਵਾਉਣ ਦੀ ਮੰਗ ਵੀ ਰੱਖੀ।

ਪ੍ਰਵਾਸੀ ਭਾਰਤੀਆਂ ਨਾਲ ਸਬੰਧਤ ਮਸਲਿਆਂ ਦੇ ਹੱਲ ਲਈ ਐਨ.ਆਰ.ਆਈ. ਮਾਮਲਿਆਂ ਬਾਰੇ ਮੰਤਰੀ ਸ੍ਰ. ਕੁਲਦੀਪ ਸਿੰਘ ਧਾਲੀਵਾਲ ਨਾਲ ਮੁਲਾਕਾਤ ਕੀਤੀ ਗਈ।

ਕੁੱਲ ਹਿੰਦ ਕਿਸਾਨ ਸਭਾ ਦੀ ਮੀਟਿੰਗ ਸੀਟੂ ਦਫ਼ਤਰ ਪੁਤਲੀ ਘਰ ਵਿਖੇ ਹੋਈ
ਪੰਜਾਬ ਟਾਇਮਜ਼	ਵਿਸ਼ੇਸ਼

ਸ੍ਰੀ ਅੰਮ੍ਰਿਤਸਰ ਸਾਹਿਬ, 22 ਅਗਸਤ (ਪੰਜਾਬ ਟਾਇਮਜ਼)-

ਕੁੱਲ ਹਿੰਦ ਕਿਸਾਨ ਸਭਾ ਦੀ ਮੀਟਿੰਗ ਸੀਟੂ ਦਫ਼ਤਰ ਪੁਤਲੀ ਘਰ ਵਿਖੇ ਹੋਈ ਜਿਸ ਵਿੱਚ ਕਿਸਾਨਾਂ ਦੀਆਂ ਮੰਗਾਂ ਬਾਰੇ ਵਿਚਾਰ-ਵਟਾਂਦਰਾ ਕੀਤਾ ਗਿਆ।

ਆਗੂਆਂ ਨੇ ਕਿਹਾ ਕਿ ਫਸਲਾਂ ਦੇ ਸਹੀ ਭਾਅ ਅਤੇ ਕਰਜ਼ਾ ਮੁਆਫ਼ੀ ਦੀ ਮੰਗ ਨੂੰ ਲੈ ਕੇ ਸੰਘਰਸ਼ ਜਾਰੀ ਰਹੇਗਾ।

ਮੀਟਿੰਗ ਵਿੱਚ ਆਉਣ ਵਾਲੇ ਸਮੇਂ ਵਿੱਚ ਵੱਡੇ ਪੱਧਰ 'ਤੇ ਰੋਸ ਮੁਜ਼ਾਹਰੇ ਕਰਨ ਦਾ ਫ਼ੈਸਲਾ ਵੀ ਲਿਆ ਗਿਆ।

ਇਸ ਮੌਕੇ ਵੱਖ-ਵੱਖ ਪਿੰਡਾਂ ਤੋਂ ਆਏ ਕਿਸਾਨ ਆਗੂ ਹਾਜ਼ਰ ਸਨ।

ਕੁੱਲ ਹਿੰਦ ਕਿਸਾਨ ਸਭਾ ਦੀ ਮੀਟਿੰਗ ਸੀਟੂ ਦਫ਼ਤਰ ਪੁਤਲੀ ਘਰ ਵਿਖੇ ਹੋਈ ਜਿਸ ਵਿੱਚ ਕਿਸਾਨਾਂ ਦੀਆਂ ਮੰਗਾਂ ਬਾਰੇ ਵਿਚਾਰ-ਵਟਾਂਦਰਾ ਕੀਤਾ ਗਿਆ।

ਆਂਗਨਵਾੜੀ ਮੁਲਾਜ਼ਮ ਯੂਨੀਅਨ (ਸੀਟੂ) ਵੱਲੋਂ ਐੱਨ.ਆਰ.ਐੱਸ ਵਰਗੇ ਕਾਲੇ ਫਰਮਾਨਾਂ ਦੇ ਖਿਲਾਫ ਵਿਸ਼ਾਲ ਰੋਸ ਰੈਲੀ
ਪੰਜਾਬ ਟਾਇਮਜ਼	ਵਿਸ਼ੇਸ਼

ਸ੍ਰੀ ਅੰਮ੍ਰਿਤਸਰ ਸਾਹਿਬ, 22 ਅਗਸਤ (ਪੰਜਾਬ ਟਾਇਮਜ਼)-

ਆਂਗਨਵਾੜੀ ਮੁਲਾਜ਼ਮ ਯੂਨੀਅਨ (ਸੀਟੂ) ਵੱਲੋਂ ਸਰਕਾਰ ਦੀਆਂ ਨੀਤੀਆਂ ਖ਼ਿਲਾਫ਼ ਵਿਸ਼ਾਲ ਰੋਸ ਰੈਲੀ ਕੀਤੀ ਗਈ।

ਵਰਕਰਾਂ ਨੇ ਮੰਗ ਕੀਤੀ ਕਿ ਉਨ੍ਹਾਂ ਨੂੰ ਪੱਕਾ ਕੀਤਾ ਜਾਵੇ ਅਤੇ ਤਨਖ਼ਾਹਾਂ ਵਿੱਚ ਵਾਧਾ ਕੀਤਾ ਜਾਵੇ।

ਆਗੂਆਂ ਨੇ ਚੇਤਾਵਨੀ ਦਿੱਤੀ ਕਿ ਜੇਕਰ ਮੰਗਾਂ ਨਾ ਮੰਨੀਆਂ ਗਈਆਂ ਤਾਂ ਸੰਘਰਸ਼ ਹੋਰ ਤੇਜ਼ ਕੀਤਾ ਜਾਵੇਗਾ।

ਰੈਲੀ ਵਿੱਚ ਵੱਡੀ ਗਿਣਤੀ ਵਿੱਚ ਆਂਗਨਵਾੜੀ ਵਰਕਰਾਂ ਅਤੇ ਹੈਲਪਰਾਂ ਨੇ ਸ਼ਮੂਲੀਅਤ ਕੀਤੀ।

ਆਂਗਨਵਾੜੀ ਮੁਲਾਜ਼ਮ ਯੂਨੀਅਨ (ਸੀਟੂ) ਵੱਲੋਂ ਸਰਕਾਰ ਦੀਆਂ ਨੀਤੀਆਂ ਖ਼ਿਲਾਫ਼ ਵਿਸ਼ਾਲ ਰੋਸ ਰੈਲੀ ਕੀਤੀ ਗਈ।

ਖਾਲਸਾ ਕਾਲਜ ਵਿਖੇ ਕਰਵਾਇਆ ਕਰੀਅਰ ਪ੍ਰਚਾਰ ਸਮਾਗਮ
ਪੰਜਾਬ ਟਾਇਮਜ਼	ਵਿਸ਼ੇਸ਼

ਸ੍ਰੀ ਅੰਮ੍ਰਿਤਸਰ ਸਾਹਿਬ, 22 ਅਗਸਤ (ਪੰਜਾਬ ਟਾਇਮਜ਼)-

ਖਾਲਸਾ ਕਾਲਜ ਵਿਖੇ ਕਰੀਅਰ ਪ੍ਰਚਾਰ ਸਮਾਗਮ ਕਰਵਾਇਆ ਗਿਆ ਜਿਸ ਵਿੱਚ ਹਥਿਆਰਬੰਦ ਸੈਨਾਵਾਂ ਵਿੱਚ ਭਰਤੀ ਬਾਰੇ ਜਾਣਕਾਰੀ ਦਿੱਤੀ ਗਈ।

ਅਧਿਕਾਰੀਆਂ ਨੇ ਵਿਦਿਆਰਥੀਆਂ ਨੂੰ ਦੱਸਿਆ ਕਿ ਫੌਜ ਵਿੱਚ ਭਰਤੀ ਹੋਣ ਲਈ ਕਿਹੜੀਆਂ ਯੋਗਤਾਵਾਂ ਲੋੜੀਂਦੀਆਂ ਹਨ।

ਵਿਦਿਆਰਥੀਆਂ ਨੇ ਉਤਸ਼ਾਹ ਨਾਲ ਸਵਾਲ ਪੁੱਛੇ ਅਤੇ ਜਾਣਕਾਰੀ ਹਾਸਲ ਕੀਤੀ।

ਖਾਲਸਾ ਕਾਲਜ ਵਿਖੇ ਕਰੀਅਰ ਪ੍ਰਚਾਰ ਸਮਾਗਮ ਕਰਵਾਇਆ ਗਿਆ ਜਿਸ ਵਿੱਚ ਹਥਿਆਰਬੰਦ ਸੈਨਾਵਾਂ ਵਿੱਚ ਭਰਤੀ ਬਾਰੇ ਜਾਣਕਾਰੀ ਦਿੱਤੀ ਗਈ।

'ਆਪ' ਸਰਕਾਰ ਦੀ ਸ਼ਗਨ ਸਕੀਮ ਦੇ 51,000 ਰੁਪਏ ਲੈਣਾ ਹੋਇਆ ਹੋਰ ਵੀ ਸੁਖਾਲਾ : ਦਲਬੀਰ ਸਿੰਘ ਟੌਂਗ

ਸ੍ਰੀ ਅੰਮ੍ਰਿਤਸਰ ਸਾਹਿਬ, 22 ਅਗਸਤ (ਪੰਜਾਬ ਟਾਇਮਜ਼)-

ਆਮ ਆਦਮੀ ਪਾਰਟੀ ਦੇ ਆਗੂ ਸ੍ਰ. ਦਲਬੀਰ ਸਿੰਘ ਟੌਂਗ ਨੇ ਕਿਹਾ ਕਿ ਸ਼ਗਨ ਸਕੀਮ ਤਹਿਤ 51,000 ਰੁਪਏ ਦੀ ਰਾਸ਼ੀ ਲੈਣਾ ਹੁਣ ਹੋਰ ਵੀ ਸੌਖਾ ਹੋ ਗਿਆ ਹੈ।

ਉਨ੍ਹਾਂ ਦੱਸਿਆ ਕਿ ਹੁਣ ਆਨਲਾਈਨ ਅਰਜ਼ੀ ਦੇ ਕੇ ਸਿੱਧਾ ਲਾਭਪਾਤਰੀ ਦੇ ਖਾਤੇ ਵਿੱਚ ਰਾਸ਼ੀ ਪਾਈ ਜਾਂਦੀ ਹੈ।

ਉਨ੍ਹਾਂ ਲੋਕਾਂ ਨੂੰ ਅਪੀਲ ਕੀਤੀ ਕਿ ਉਹ ਸਰਕਾਰੀ ਸਕੀਮਾਂ ਦਾ ਵੱਧ ਤੋਂ ਵੱਧ ਲਾਭ ਲੈਣ।

ਉਨ੍ਹਾਂ ਦੱਸਿਆ ਕਿ ਹੁਣ ਆਨਲਾਈਨ ਅਰਜ਼ੀ ਦੇ ਕੇ ਸਿੱਧਾ ਲਾਭਪਾਤਰੀ ਦੇ ਖਾਤੇ ਵਿੱਚ ਰਾਸ਼ੀ ਪਾਈ ਜਾਂਦੀ ਹੈ।

ਉਨ੍ਹਾਂ ਲੋਕਾਂ ਨੂੰ ਅਪੀਲ ਕੀਤੀ ਕਿ ਉਹ ਸਰਕਾਰੀ ਸਕੀਮਾਂ ਦਾ ਵੱਧ ਤੋਂ ਵੱਧ ਲਾਭ ਲੈਣ।
